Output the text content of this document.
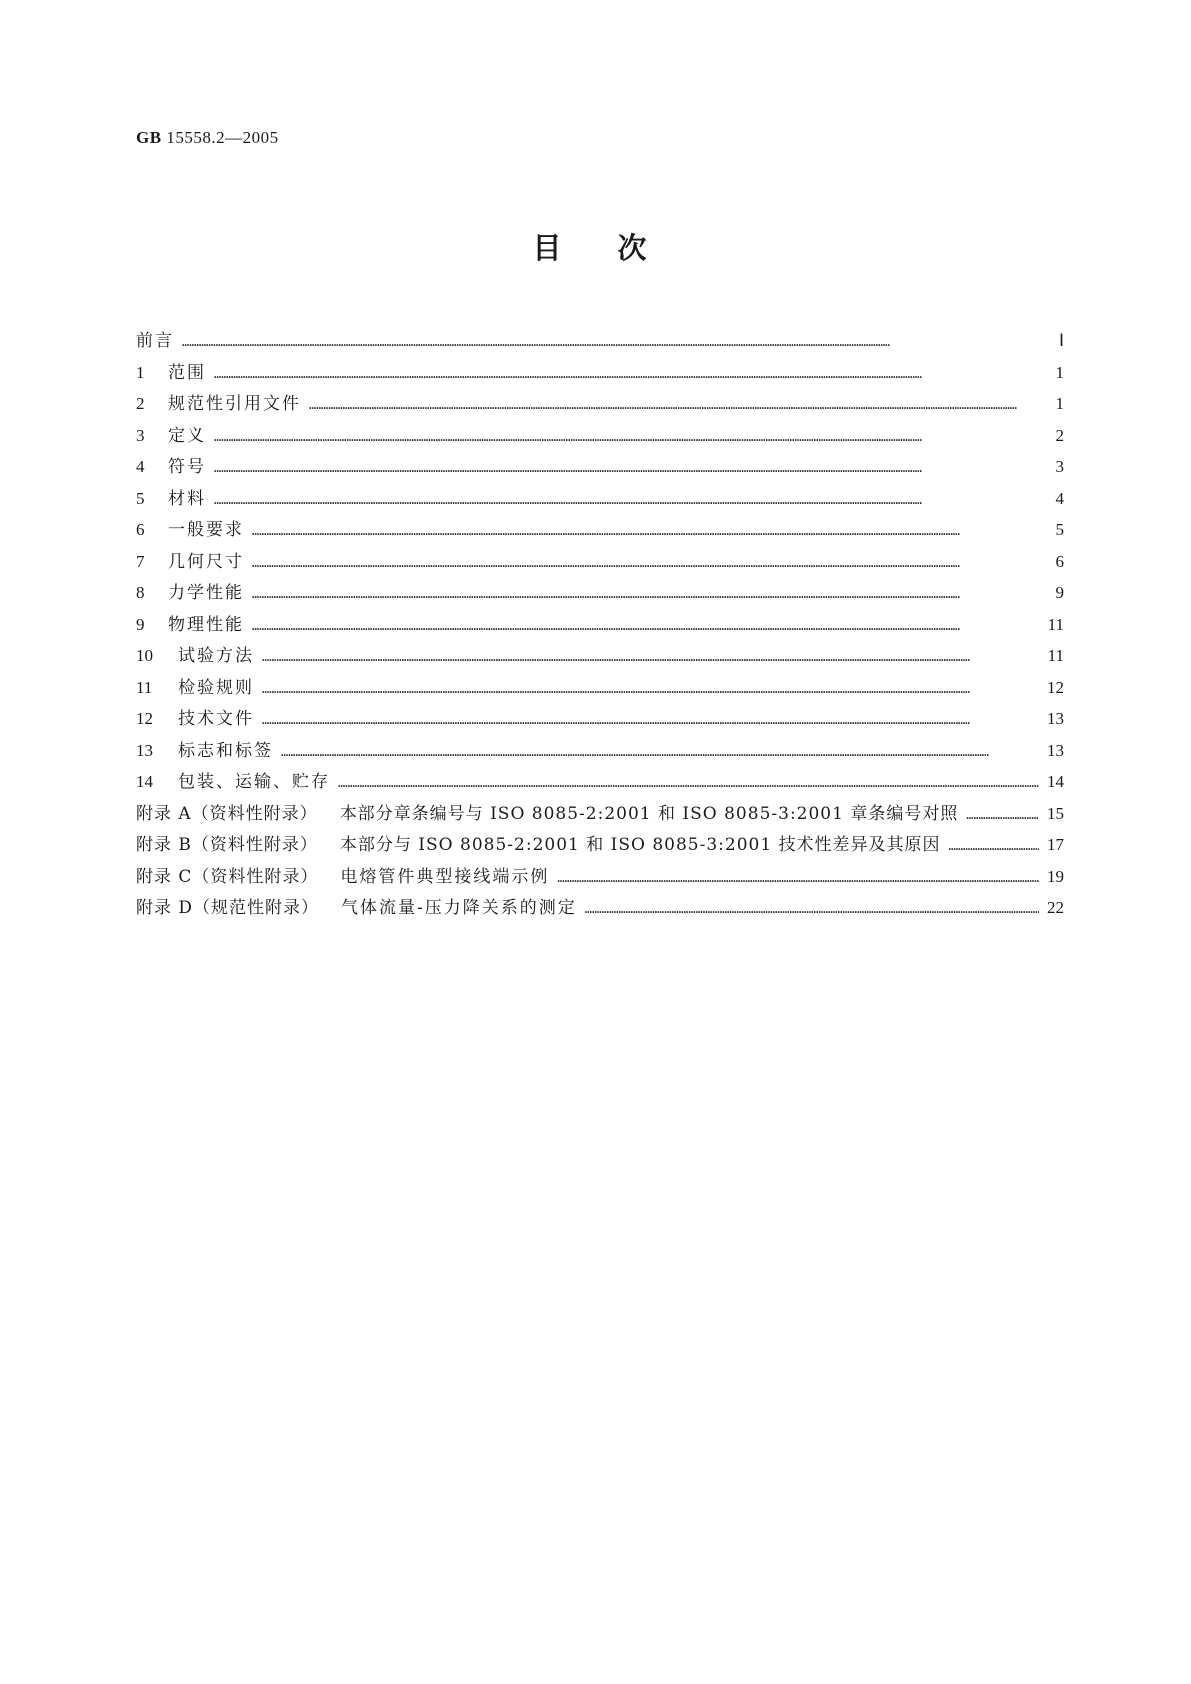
GB 15558.2—2005
目次
前言 ……………………………………………………………………………………………………………………………………………………………………………………………………………………………………………………………………	Ⅰ
1	范围 ……………………………………………………………………………………………………………………………………………………………………………………………………………………………………………………………………	1
2	规范性引用文件 ……………………………………………………………………………………………………………………………………………………………………………………………………………………………………………………………………	1
3	定义 ……………………………………………………………………………………………………………………………………………………………………………………………………………………………………………………………………	2
4	符号 ……………………………………………………………………………………………………………………………………………………………………………………………………………………………………………………………………	3
5	材料 ……………………………………………………………………………………………………………………………………………………………………………………………………………………………………………………………………	4
6	一般要求 ……………………………………………………………………………………………………………………………………………………………………………………………………………………………………………………………………	5
7	几何尺寸 ……………………………………………………………………………………………………………………………………………………………………………………………………………………………………………………………………	6
8	力学性能 ……………………………………………………………………………………………………………………………………………………………………………………………………………………………………………………………………	9
9	物理性能 ……………………………………………………………………………………………………………………………………………………………………………………………………………………………………………………………………	11
10	试验方法 ……………………………………………………………………………………………………………………………………………………………………………………………………………………………………………………………………	11
11	检验规则 ……………………………………………………………………………………………………………………………………………………………………………………………………………………………………………………………………	12
12	技术文件 ……………………………………………………………………………………………………………………………………………………………………………………………………………………………………………………………………	13
13	标志和标签 ……………………………………………………………………………………………………………………………………………………………………………………………………………………………………………………………………	13
14	包装、运输、贮存 ……………………………………………………………………………………………………………………………………………………………………………………………………………………………………………………………………	14
附录 A（资料性附录） 本部分章条编号与 ISO 8085-2:2001 和 ISO 8085-3:2001 章条编号对照 ……………………………………………………………………………………………………………………………………………………………………………………………………………………………………………………………………	15
附录 B（资料性附录） 本部分与 ISO 8085-2:2001 和 ISO 8085-3:2001 技术性差异及其原因 ……………………………………………………………………………………………………………………………………………………………………………………………………………………………………………………………………	17
附录 C（资料性附录） 电熔管件典型接线端示例 ……………………………………………………………………………………………………………………………………………………………………………………………………………………………………………………………………	19
附录 D（规范性附录） 气体流量-压力降关系的测定 ……………………………………………………………………………………………………………………………………………………………………………………………………………………………………………………………………	22
